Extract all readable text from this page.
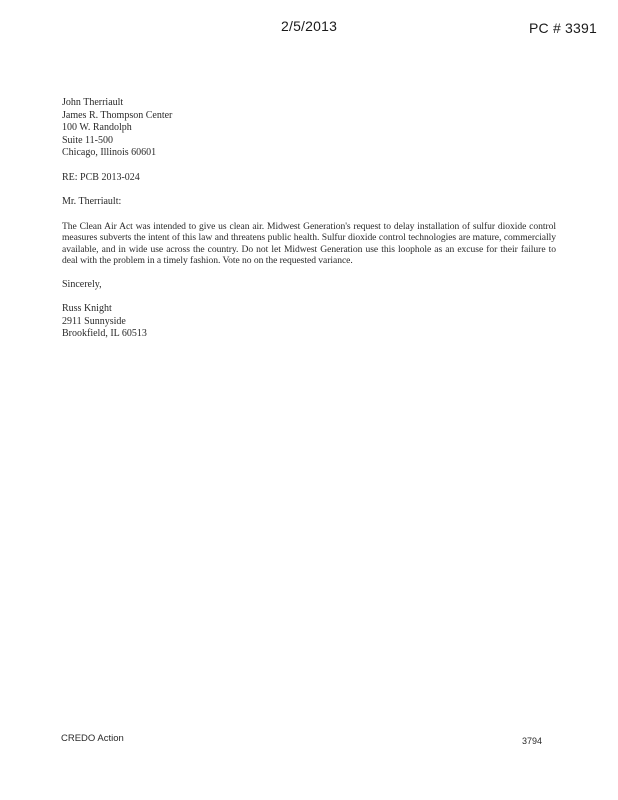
2/5/2013	PC # 3391
John Therriault
James R. Thompson Center
100 W. Randolph
Suite 11-500
Chicago, Illinois 60601
RE: PCB 2013-024
Mr. Therriault:
The Clean Air Act was intended to give us clean air. Midwest Generation's request to delay installation of sulfur dioxide control measures subverts the intent of this law and threatens public health. Sulfur dioxide control technologies are mature, commercially available, and in wide use across the country. Do not let Midwest Generation use this loophole as an excuse for their failure to deal with the problem in a timely fashion. Vote no on the requested variance.
Sincerely,
Russ Knight
2911 Sunnyside
Brookfield, IL 60513
CREDO Action	3794
